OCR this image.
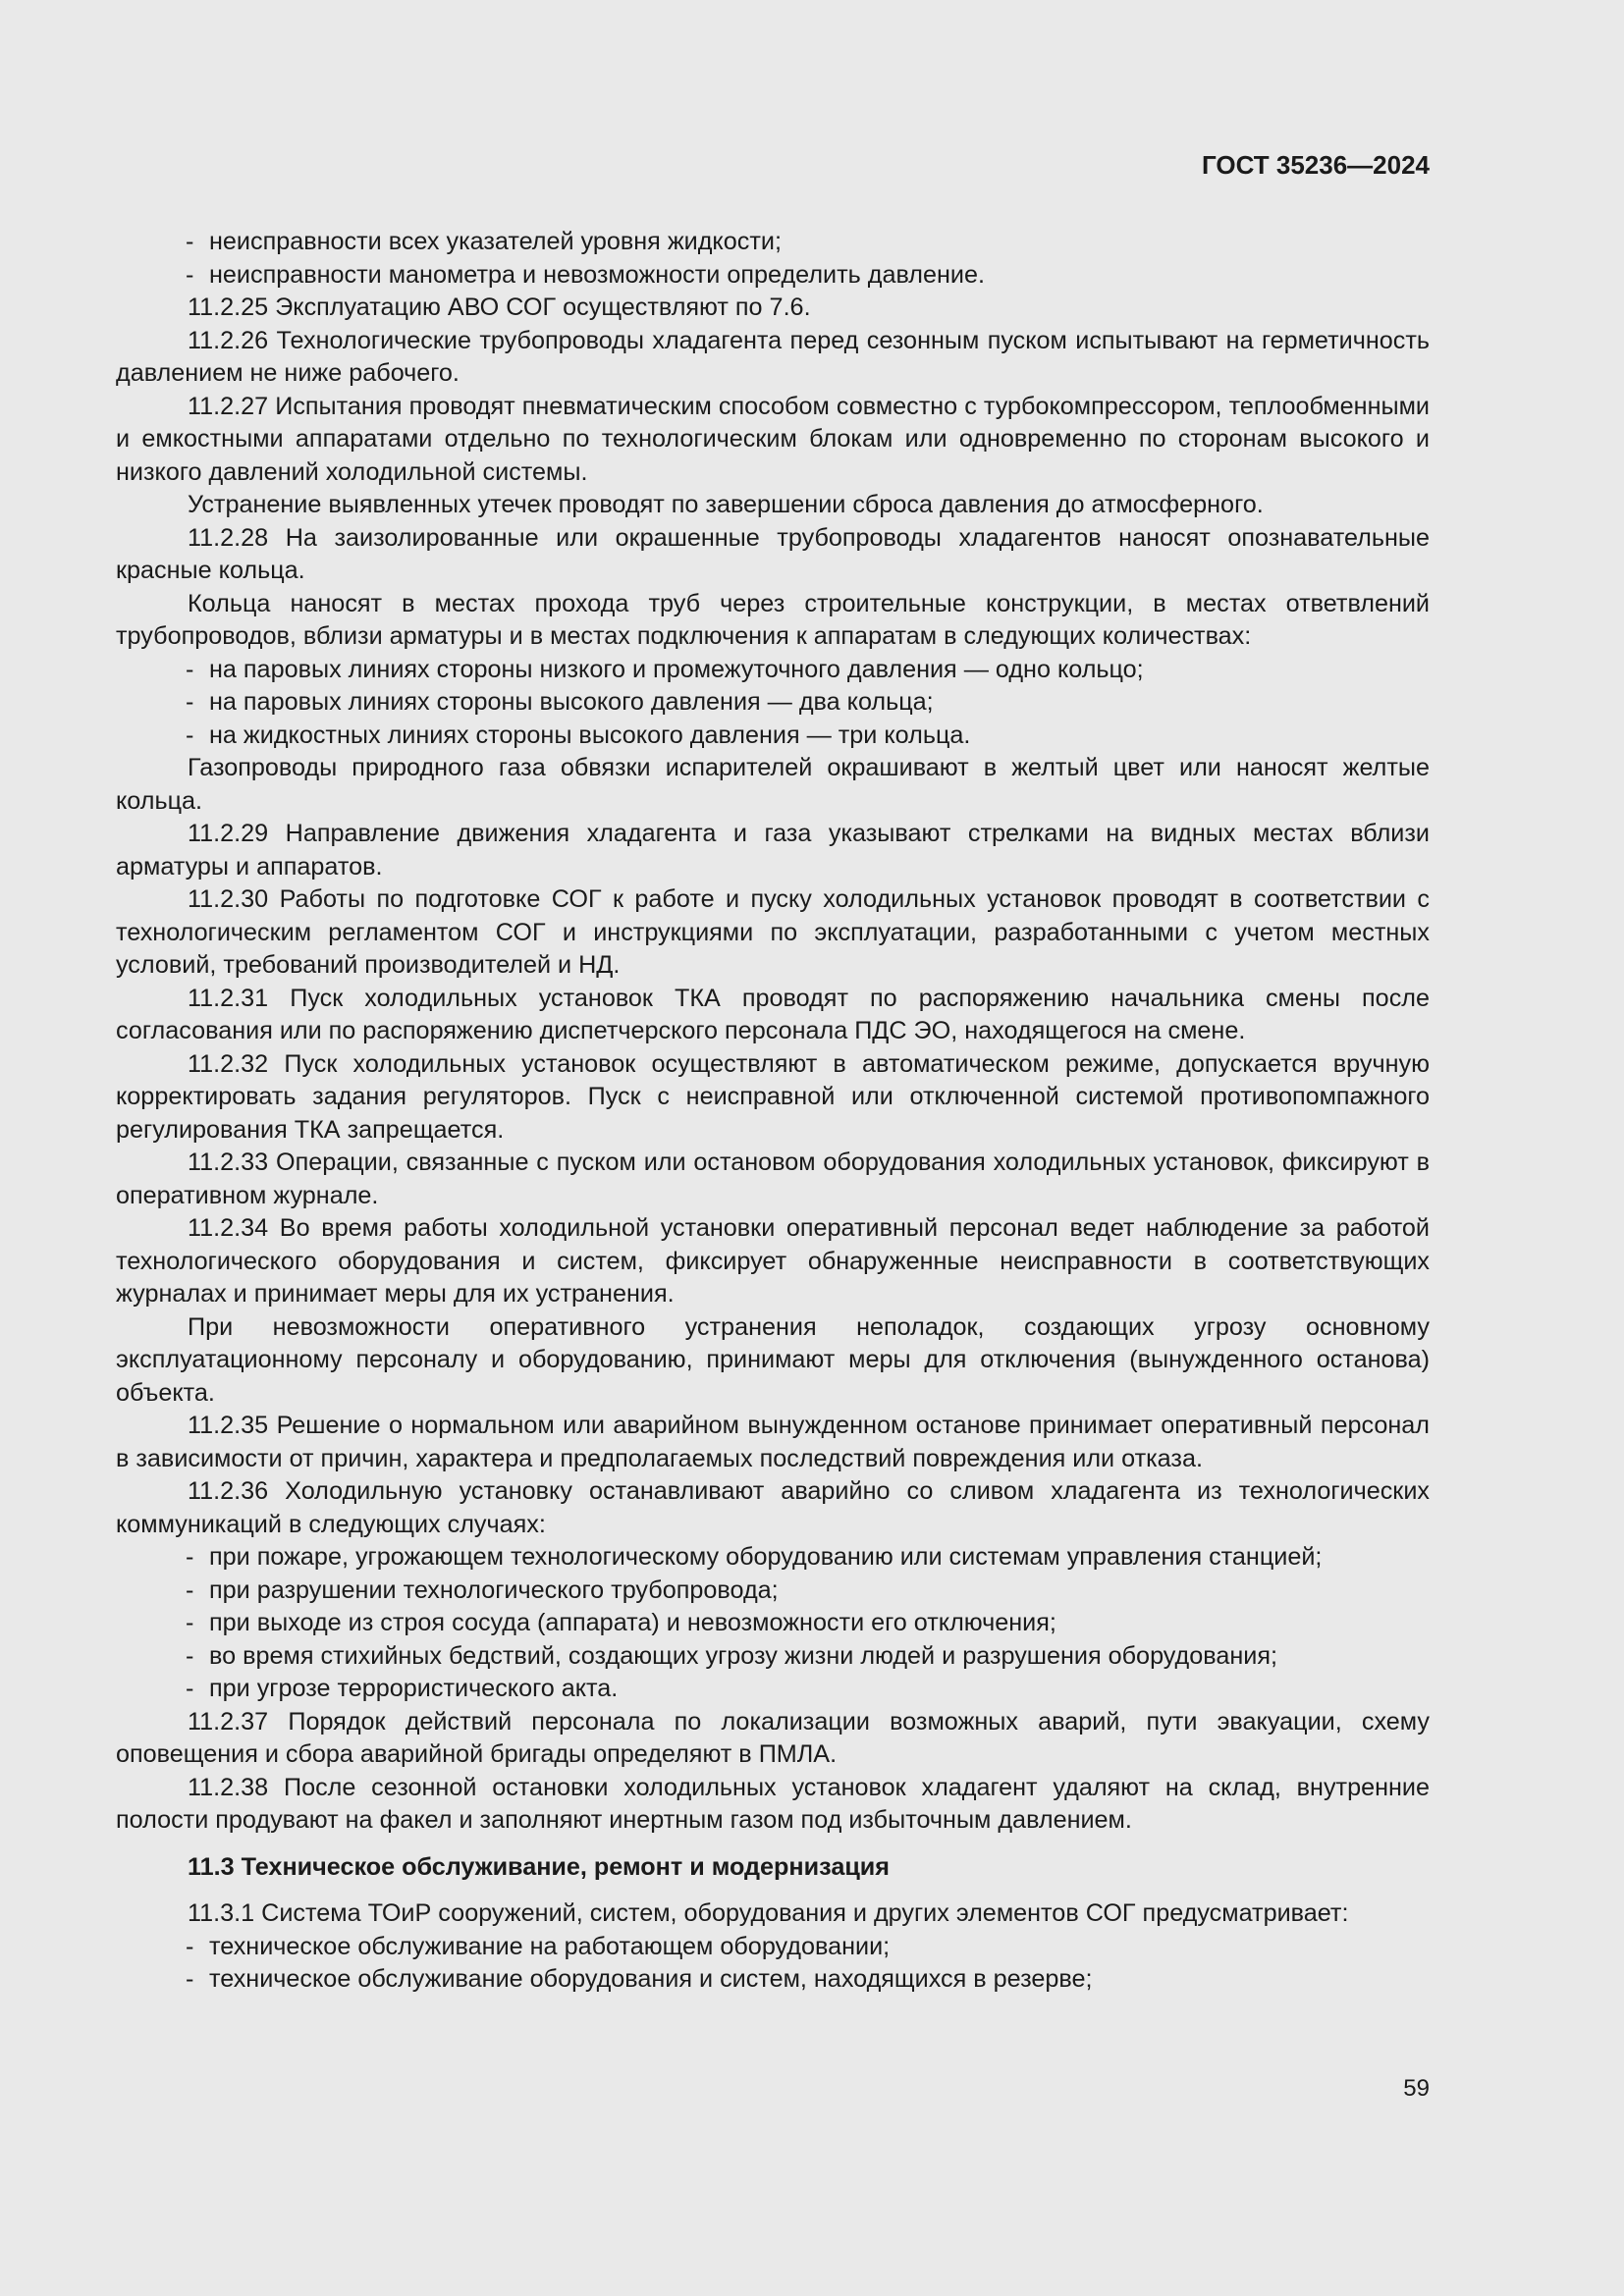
ГОСТ 35236—2024

- неисправности всех указателей уровня жидкости;

- неисправности манометра и невозможности определить давление.

11.2.25 Эксплуатацию АВО СОГ осуществляют по 7.6.

11.2.26 Технологические трубопроводы хладагента перед сезонным пуском испытывают на герметичность давлением не ниже рабочего.

11.2.27 Испытания проводят пневматическим способом совместно с турбокомпрессором, теплообменными и емкостными аппаратами отдельно по технологическим блокам или одновременно по сторонам высокого и низкого давлений холодильной системы.

Устранение выявленных утечек проводят по завершении сброса давления до атмосферного.

11.2.28 На заизолированные или окрашенные трубопроводы хладагентов наносят опознавательные красные кольца.

Кольца наносят в местах прохода труб через строительные конструкции, в местах ответвлений трубопроводов, вблизи арматуры и в местах подключения к аппаратам в следующих количествах:

- на паровых линиях стороны низкого и промежуточного давления — одно кольцо;

- на паровых линиях стороны высокого давления — два кольца;

- на жидкостных линиях стороны высокого давления — три кольца.

Газопроводы природного газа обвязки испарителей окрашивают в желтый цвет или наносят желтые кольца.

11.2.29 Направление движения хладагента и газа указывают стрелками на видных местах вблизи арматуры и аппаратов.

11.2.30 Работы по подготовке СОГ к работе и пуску холодильных установок проводят в соответствии с технологическим регламентом СОГ и инструкциями по эксплуатации, разработанными с учетом местных условий, требований производителей и НД.

11.2.31 Пуск холодильных установок ТКА проводят по распоряжению начальника смены после согласования или по распоряжению диспетчерского персонала ПДС ЭО, находящегося на смене.

11.2.32 Пуск холодильных установок осуществляют в автоматическом режиме, допускается вручную корректировать задания регуляторов. Пуск с неисправной или отключенной системой противопомпажного регулирования ТКА запрещается.

11.2.33 Операции, связанные с пуском или остановом оборудования холодильных установок, фиксируют в оперативном журнале.

11.2.34 Во время работы холодильной установки оперативный персонал ведет наблюдение за работой технологического оборудования и систем, фиксирует обнаруженные неисправности в соответствующих журналах и принимает меры для их устранения.

При невозможности оперативного устранения неполадок, создающих угрозу основному эксплуатационному персоналу и оборудованию, принимают меры для отключения (вынужденного останова) объекта.

11.2.35 Решение о нормальном или аварийном вынужденном останове принимает оперативный персонал в зависимости от причин, характера и предполагаемых последствий повреждения или отказа.

11.2.36 Холодильную установку останавливают аварийно со сливом хладагента из технологических коммуникаций в следующих случаях:

- при пожаре, угрожающем технологическому оборудованию или системам управления станцией;

- при разрушении технологического трубопровода;

- при выходе из строя сосуда (аппарата) и невозможности его отключения;

- во время стихийных бедствий, создающих угрозу жизни людей и разрушения оборудования;

- при угрозе террористического акта.

11.2.37 Порядок действий персонала по локализации возможных аварий, пути эвакуации, схему оповещения и сбора аварийной бригады определяют в ПМЛА.

11.2.38 После сезонной остановки холодильных установок хладагент удаляют на склад, внутренние полости продувают на факел и заполняют инертным газом под избыточным давлением.

11.3 Техническое обслуживание, ремонт и модернизация

11.3.1 Система ТОиР сооружений, систем, оборудования и других элементов СОГ предусматривает:

- техническое обслуживание на работающем оборудовании;

- техническое обслуживание оборудования и систем, находящихся в резерве;

59
